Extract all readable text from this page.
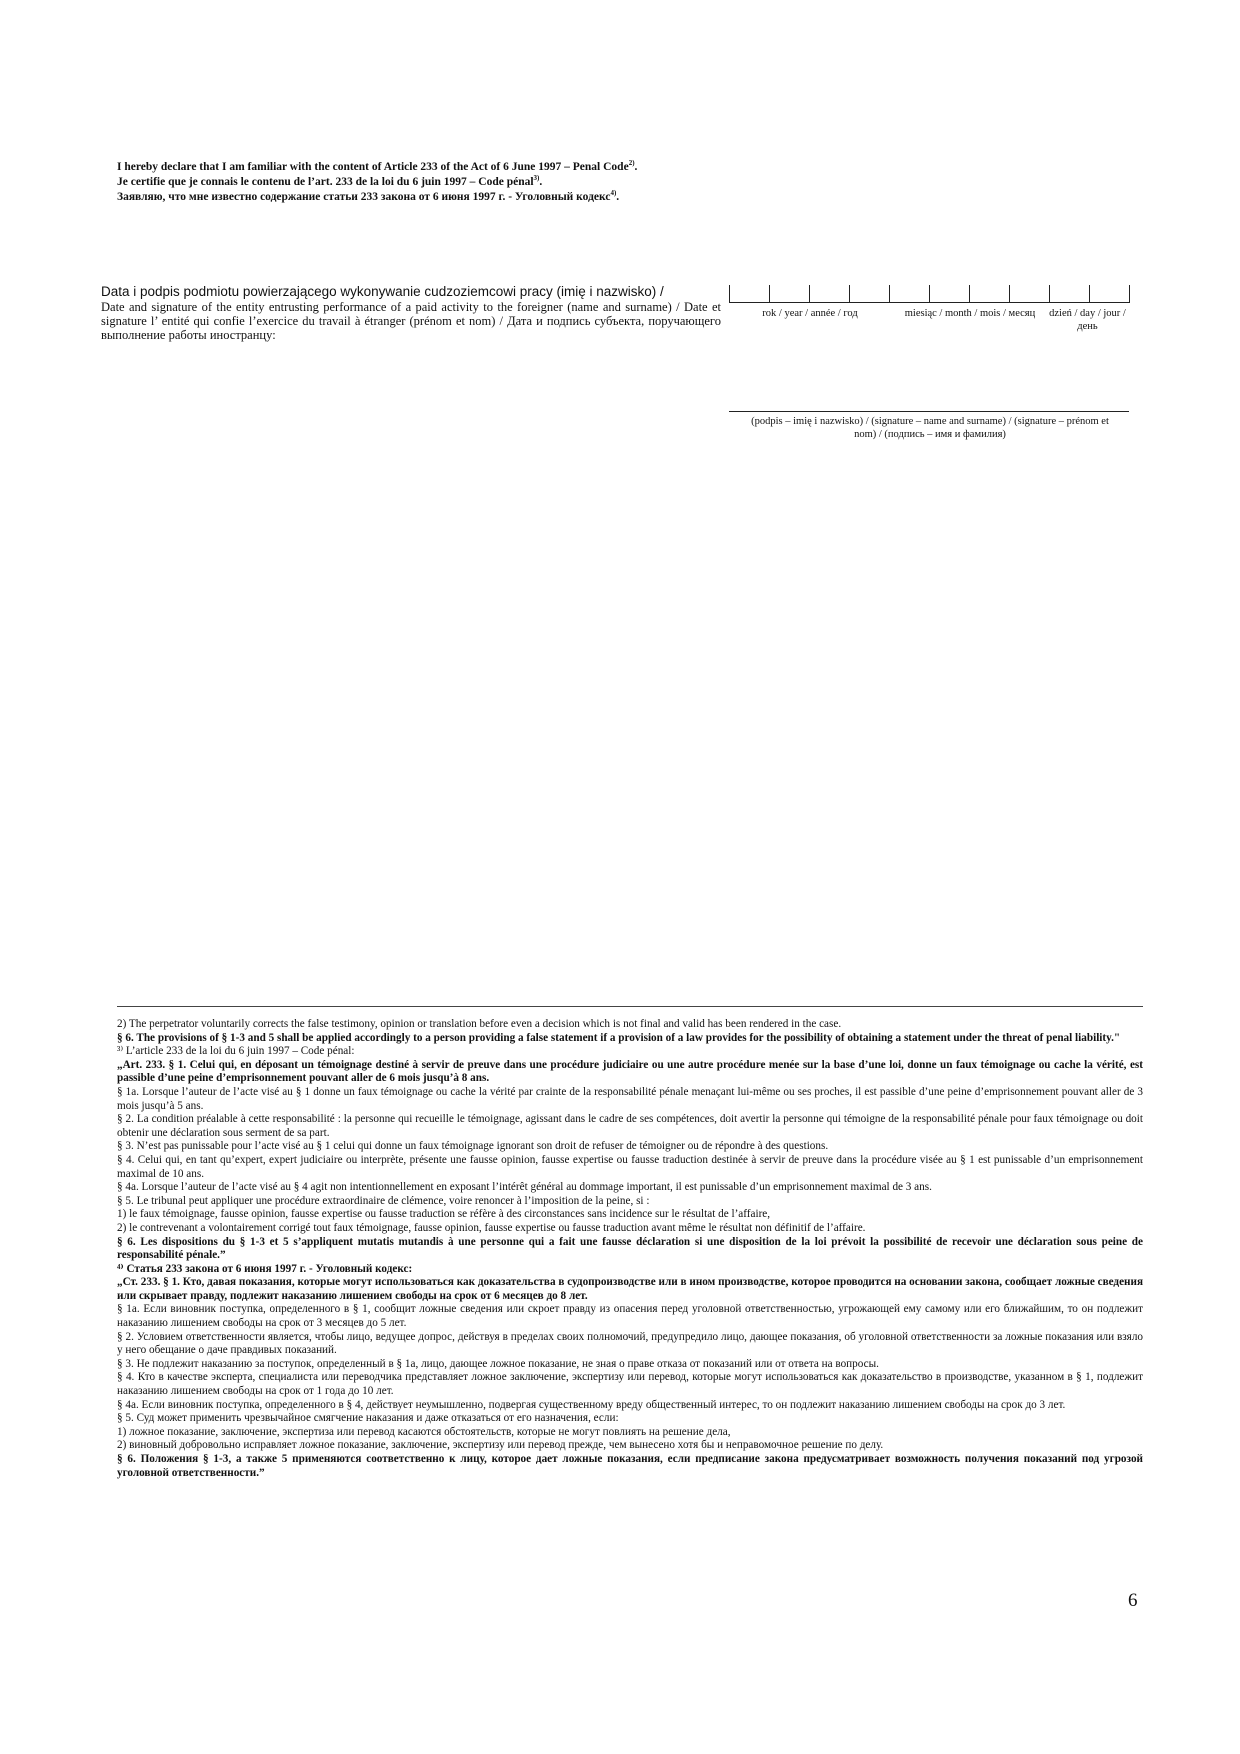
I hereby declare that I am familiar with the content of Article 233 of the Act of 6 June 1997 – Penal Code$^{2)}$.
Je certifie que je connais le contenu de l’art. 233 de la loi du 6 juin 1997 – Code pénal$^{3)}$.
Заявляю, что мне известно содержание статьи 233 закона от 6 июня 1997 г. - Уголовный кодекс$^{4)}$.
Data i podpis podmiotu powierzającego wykonywanie cudzoziemcowi pracy (imię i nazwisko) /
Date and signature of the entity entrusting performance of a paid activity to the foreigner (name and surname) / Date et signature l’ entité qui confie l’exercice du travail à étranger (prénom et nom) / Дата и подпись субъекта, поручающего выполнение работы иностранцу:
rok / year / année / год	miesiąc / month / mois / месяц	dzień / day / jour / день
(podpis – imię i nazwisko) / (signature – name and surname) / (signature – prénom et nom) / (подпись – имя и фамилия)

2) The perpetrator voluntarily corrects the false testimony, opinion or translation before even a decision which is not final and valid has been rendered in the case.

§ 6. The provisions of § 1-3 and 5 shall be applied accordingly to a person providing a false statement if a provision of a law provides for the possibility of obtaining a statement under the threat of penal liability."

³⁾ L’article 233 de la loi du 6 juin 1997 – Code pénal:

„Art. 233. § 1. Celui qui, en déposant un témoignage destiné à servir de preuve dans une procédure judiciaire ou une autre procédure menée sur la base d’une loi, donne un faux témoignage ou cache la vérité, est passible d’une peine d’emprisonnement pouvant aller de 6 mois jusqu’à 8 ans.

§ 1a. Lorsque l’auteur de l’acte visé au § 1 donne un faux témoignage ou cache la vérité par crainte de la responsabilité pénale menaçant lui-même ou ses proches, il est passible d’une peine d’emprisonnement pouvant aller de 3 mois jusqu’à 5 ans.

§ 2. La condition préalable à cette responsabilité : la personne qui recueille le témoignage, agissant dans le cadre de ses compétences, doit avertir la personne qui témoigne de la responsabilité pénale pour faux témoignage ou doit obtenir une déclaration sous serment de sa part.

§ 3. N’est pas punissable pour l’acte visé au § 1 celui qui donne un faux témoignage ignorant son droit de refuser de témoigner ou de répondre à des questions.

§ 4. Celui qui, en tant qu’expert, expert judiciaire ou interprète, présente une fausse opinion, fausse expertise ou fausse traduction destinée à servir de preuve dans la procédure visée au § 1 est punissable d’un emprisonnement maximal de 10 ans.

§ 4a. Lorsque l’auteur de l’acte visé au § 4 agit non intentionnellement en exposant l’intérêt général au dommage important, il est punissable d’un emprisonnement maximal de 3 ans.

§ 5. Le tribunal peut appliquer une procédure extraordinaire de clémence, voire renoncer à l’imposition de la peine, si :

1) le faux témoignage, fausse opinion, fausse expertise ou fausse traduction se réfère à des circonstances sans incidence sur le résultat de l’affaire,

2) le contrevenant a volontairement corrigé tout faux témoignage, fausse opinion, fausse expertise ou fausse traduction avant même le résultat non définitif de l’affaire.

§ 6. Les dispositions du § 1-3 et 5 s’appliquent mutatis mutandis à une personne qui a fait une fausse déclaration si une disposition de la loi prévoit la possibilité de recevoir une déclaration sous peine de responsabilité pénale.”

⁴⁾ Статья 233 закона от 6 июня 1997 г. - Уголовный кодекс:

„Ст. 233. § 1. Кто, давая показания, которые могут использоваться как доказательства в судопроизводстве или в ином производстве, которое проводится на основании закона, сообщает ложные сведения или скрывает правду, подлежит наказанию лишением свободы на срок от 6 месяцев до 8 лет.

§ 1а. Если виновник поступка, определенного в § 1, сообщит ложные сведения или скроет правду из опасения перед уголовной ответственностью, угрожающей ему самому или его ближайшим, то он подлежит наказанию лишением свободы на срок от 3 месяцев до 5 лет.

§ 2. Условием ответственности является, чтобы лицо, ведущее допрос, действуя в пределах своих полномочий, предупредило лицо, дающее показания, об уголовной ответственности за ложные показания или взяло у него обещание о даче правдивых показаний.

§ 3. Не подлежит наказанию за поступок, определенный в § 1а, лицо, дающее ложное показание, не зная о праве отказа от показаний или от ответа на вопросы.

§ 4. Кто в качестве эксперта, специалиста или переводчика представляет ложное заключение, экспертизу или перевод, которые могут использоваться как доказательство в производстве, указанном в § 1, подлежит наказанию лишением свободы на срок от 1 года до 10 лет.

§ 4а. Если виновник поступка, определенного в § 4, действует неумышленно, подвергая существенному вреду общественный интерес, то он подлежит наказанию лишением свободы на срок до 3 лет.

§ 5. Суд может применить чрезвычайное смягчение наказания и даже отказаться от его назначения, если:

1) ложное показание, заключение, экспертиза или перевод касаются обстоятельств, которые не могут повлиять на решение дела,

2) виновный добровольно исправляет ложное показание, заключение, экспертизу или перевод прежде, чем вынесено хотя бы и неправомочное решение по делу.

§ 6. Положения § 1-3, а также 5 применяются соответственно к лицу, которое дает ложные показания, если предписание закона предусматривает возможность получения показаний под угрозой уголовной ответственности.”

6
